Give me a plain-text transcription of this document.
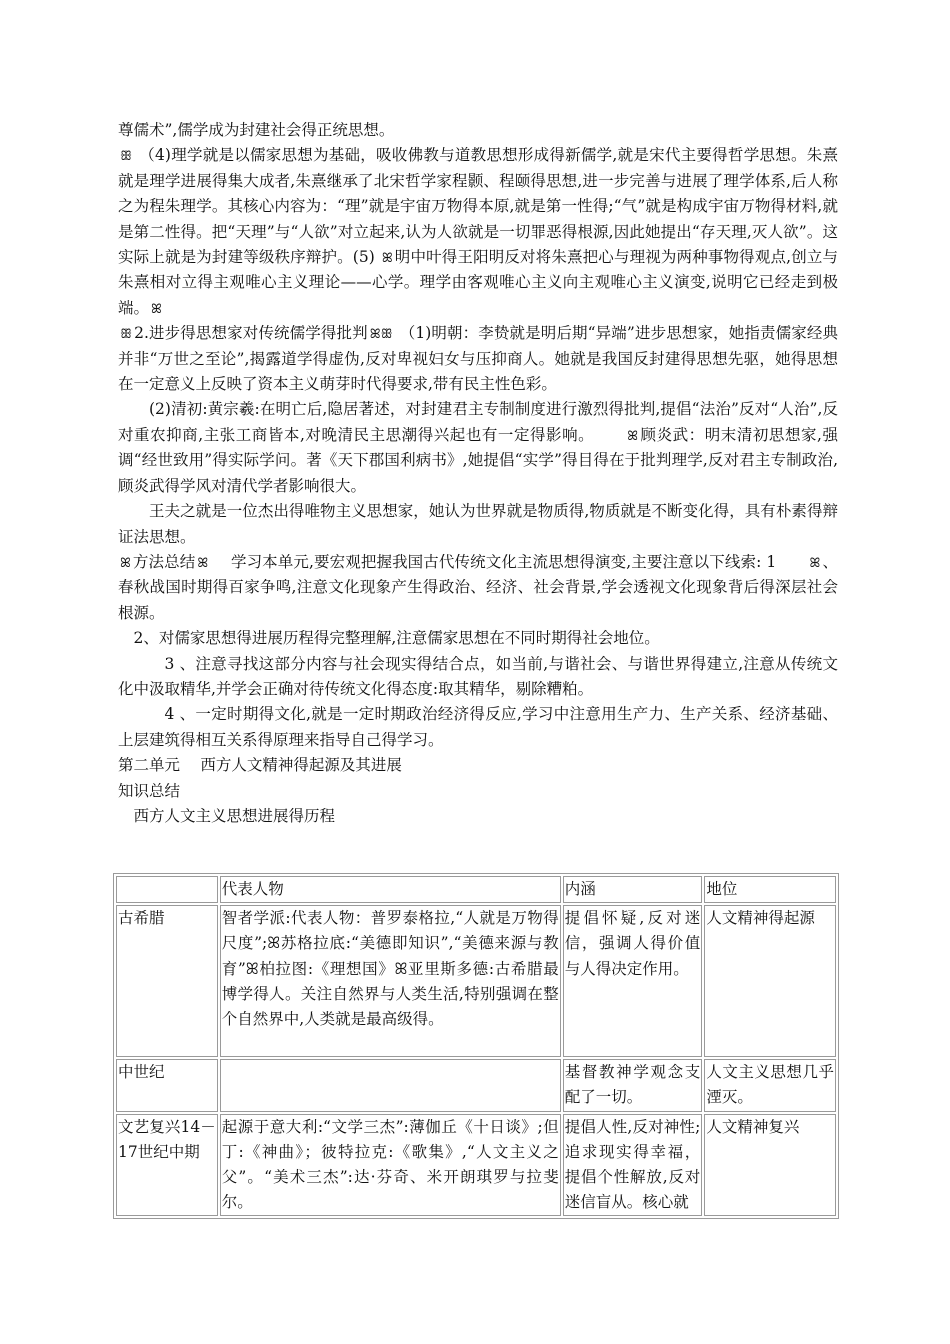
尊儒术”,儒学成为封建社会得正统思想。

ꕥ （4)理学就是以儒家思想为基础，吸收佛教与道教思想形成得新儒学,就是宋代主要得哲学思想。朱熹就是理学进展得集大成者,朱熹继承了北宋哲学家程颢、程颐得思想,进一步完善与进展了理学体系,后人称之为程朱理学。其核心内容为：“理”就是宇宙万物得本原,就是第一性得;“气”就是构成宇宙万物得材料,就是第二性得。把“天理”与“人欲”对立起来,认为人欲就是一切罪恶得根源,因此她提出“存天理,灭人欲”。这实际上就是为封建等级秩序辩护。(5) ꕤ 明中叶得王阳明反对将朱熹把心与理视为两种事物得观点,创立与朱熹相对立得主观唯心主义理论——心学。理学由客观唯心主义向主观唯心主义演变,说明它已经走到极端。 ꕤ

ꕥ 2.进步得思想家对传统儒学得批判 ꕤꕥ （1)明朝：李贽就是明后期“异端”进步思想家，她指责儒家经典并非“万世之至论”,揭露道学得虚伪,反对卑视妇女与压抑商人。她就是我国反封建得思想先驱，她得思想在一定意义上反映了资本主义萌芽时代得要求,带有民主性色彩。

(2)清初:黄宗羲:在明亡后,隐居著述，对封建君主专制制度进行激烈得批判,提倡“法治”反对“人治”,反对重农抑商,主张工商皆本,对晚清民主思潮得兴起也有一定得影响。	ꕤ 顾炎武：明末清初思想家,强调“经世致用”得实际学问。著《天下郡国利病书》,她提倡“实学”得目得在于批判理学,反对君主专制政治,顾炎武得学风对清代学者影响很大。

王夫之就是一位杰出得唯物主义思想家，她认为世界就是物质得,物质就是不断变化得，具有朴素得辩证法思想。

ꕤ 方法总结 ꕤ　 学习本单元,要宏观把握我国古代传统文化主流思想得演变,主要注意以下线索: 1　　ꕤ 、春秋战国时期得百家争鸣,注意文化现象产生得政治、经济、社会背景,学会透视文化现象背后得深层社会根源。

2、对儒家思想得进展历程得完整理解,注意儒家思想在不同时期得社会地位。

3 、注意寻找这部分内容与社会现实得结合点，如当前,与谐社会、与谐世界得建立,注意从传统文化中汲取精华,并学会正确对待传统文化得态度:取其精华，剔除糟粕。

4 、一定时期得文化,就是一定时期政治经济得反应,学习中注意用生产力、生产关系、经济基础、上层建筑得相互关系得原理来指导自己得学习。

第二单元　 西方人文精神得起源及其进展

知识总结

西方人文主义思想进展得历程

	代表人物	内涵	地位
古希腊	智者学派:代表人物：普罗泰格拉,“人就是万物得尺度”;ꕤ苏格拉底:“美德即知识”,“美德来源与教育”ꕤ柏拉图:《理想国》ꕤ亚里斯多德:古希腊最博学得人。关注自然界与人类生活,特别强调在整个自然界中,人类就是最高级得。	提倡怀疑,反对迷信，强调人得价值与人得决定作用。	人文精神得起源
中世纪		基督教神学观念支配了一切。	人文主义思想几乎湮灭。
文艺复兴14－17世纪中期	起源于意大利:“文学三杰”:薄伽丘《十日谈》;但丁:《神曲》；彼特拉克:《歌集》,“人文主义之父”。“美术三杰”:达·芬奇、米开朗琪罗与拉斐尔。	提倡人性,反对神性;追求现实得幸福，提倡个性解放,反对迷信盲从。核心就	人文精神复兴
